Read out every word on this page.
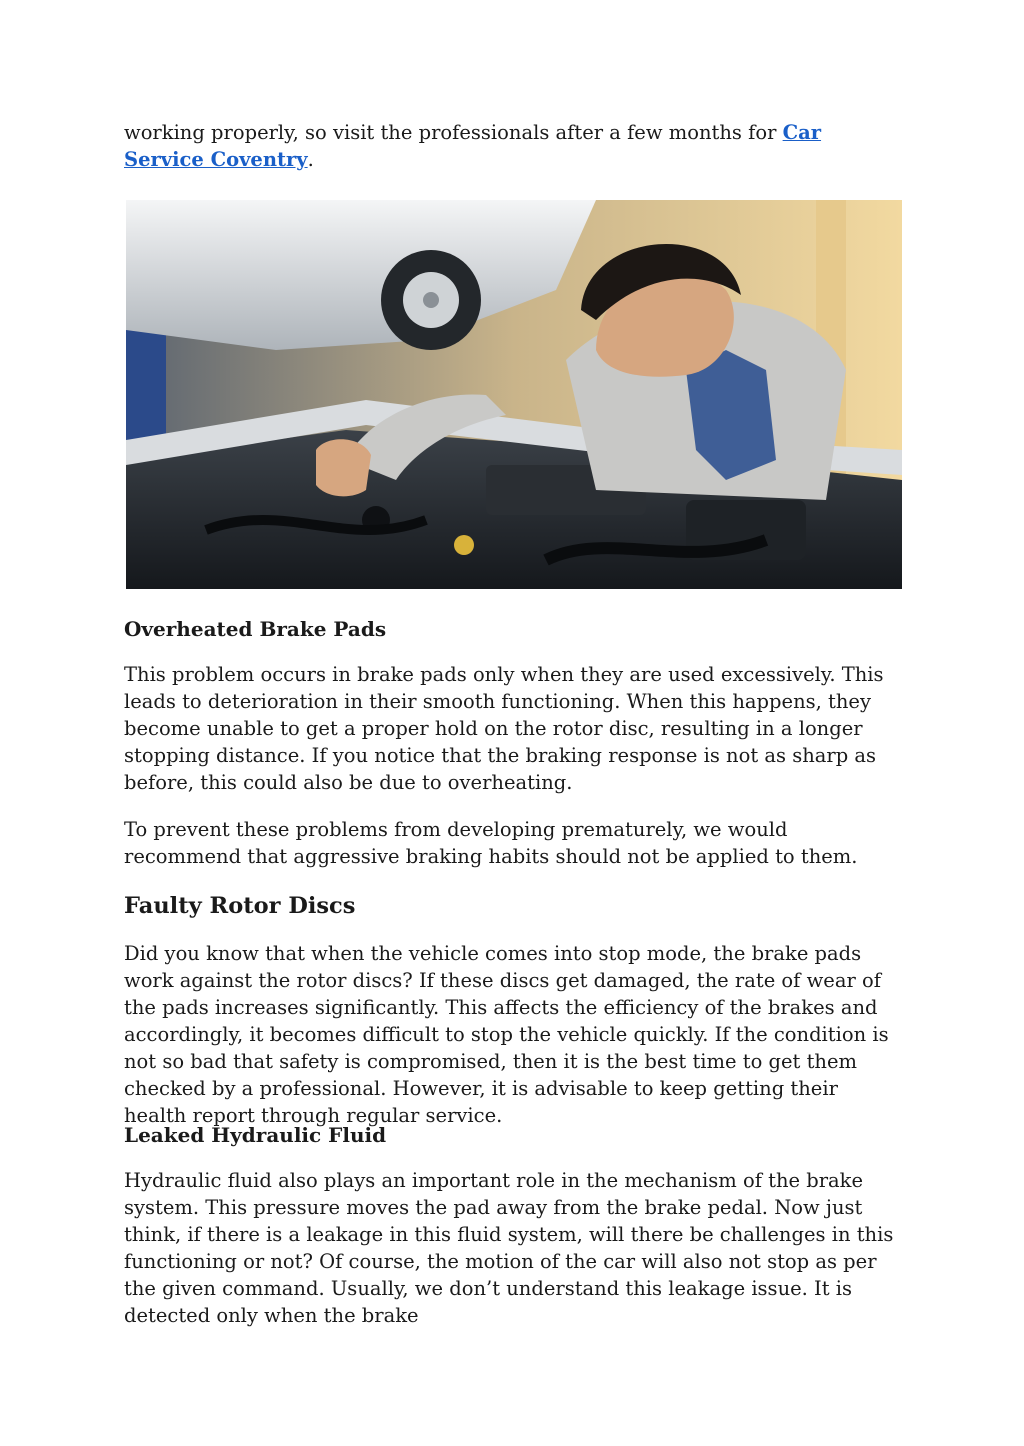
working properly, so visit the professionals after a few months for Car Service Coventry.

Overheated Brake Pads

This problem occurs in brake pads only when they are used excessively. This leads to deterioration in their smooth functioning. When this happens, they become unable to get a proper hold on the rotor disc, resulting in a longer stopping distance. If you notice that the braking response is not as sharp as before, this could also be due to overheating.

To prevent these problems from developing prematurely, we would recommend that aggressive braking habits should not be applied to them.

Faulty Rotor Discs

Did you know that when the vehicle comes into stop mode, the brake pads work against the rotor discs? If these discs get damaged, the rate of wear of the pads increases significantly. This affects the efficiency of the brakes and accordingly, it becomes difficult to stop the vehicle quickly. If the condition is not so bad that safety is compromised, then it is the best time to get them checked by a professional. However, it is advisable to keep getting their health report through regular service.

Leaked Hydraulic Fluid

Hydraulic fluid also plays an important role in the mechanism of the brake system. This pressure moves the pad away from the brake pedal. Now just think, if there is a leakage in this fluid system, will there be challenges in this functioning or not? Of course, the motion of the car will also not stop as per the given command. Usually, we don’t understand this leakage issue. It is detected only when the brake
